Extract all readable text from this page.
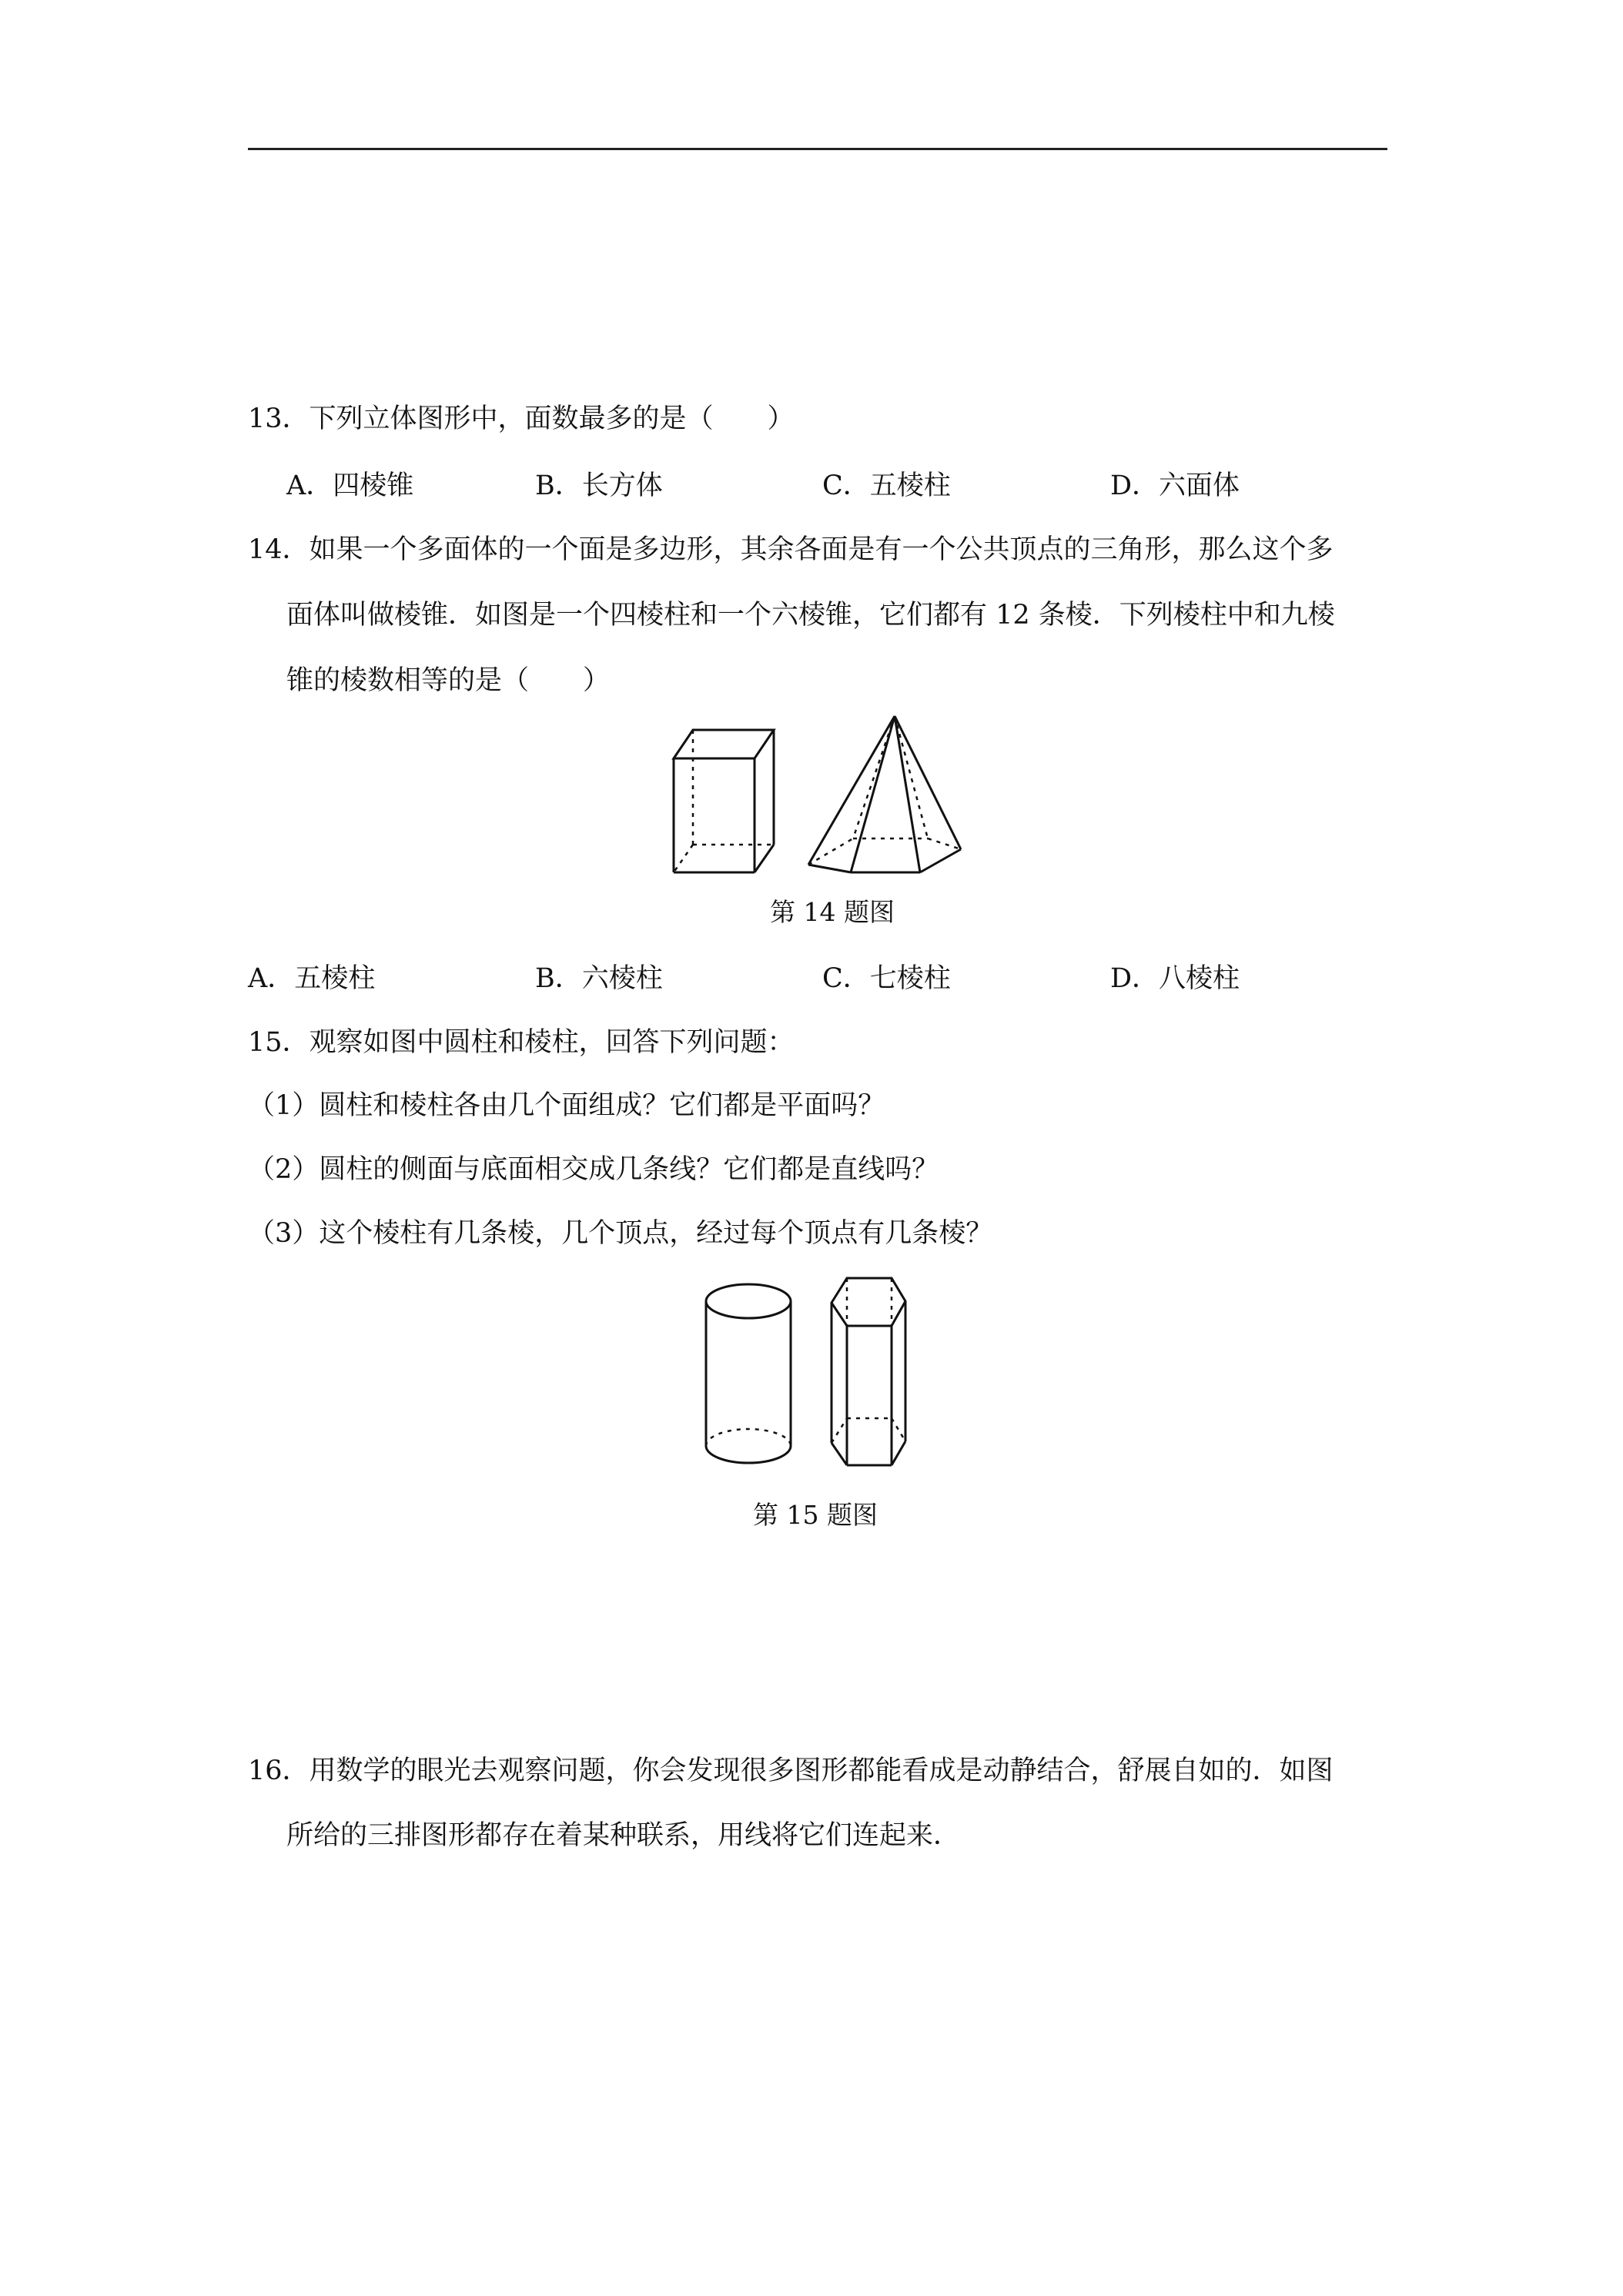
13．下列立体图形中，面数最多的是（　　）
A．四棱锥	B．长方体	C．五棱柱	D．六面体
14．如果一个多面体的一个面是多边形，其余各面是有一个公共顶点的三角形，那么这个多
面体叫做棱锥．如图是一个四棱柱和一个六棱锥，它们都有 12 条棱．下列棱柱中和九棱
锥的棱数相等的是（　　）
第 14 题图
A．五棱柱	B．六棱柱	C．七棱柱	D．八棱柱
15．观察如图中圆柱和棱柱，回答下列问题：
（1）圆柱和棱柱各由几个面组成？它们都是平面吗？
（2）圆柱的侧面与底面相交成几条线？它们都是直线吗？
（3）这个棱柱有几条棱，几个顶点，经过每个顶点有几条棱？
第 15 题图
16．用数学的眼光去观察问题，你会发现很多图形都能看成是动静结合，舒展自如的．如图
所给的三排图形都存在着某种联系，用线将它们连起来．
